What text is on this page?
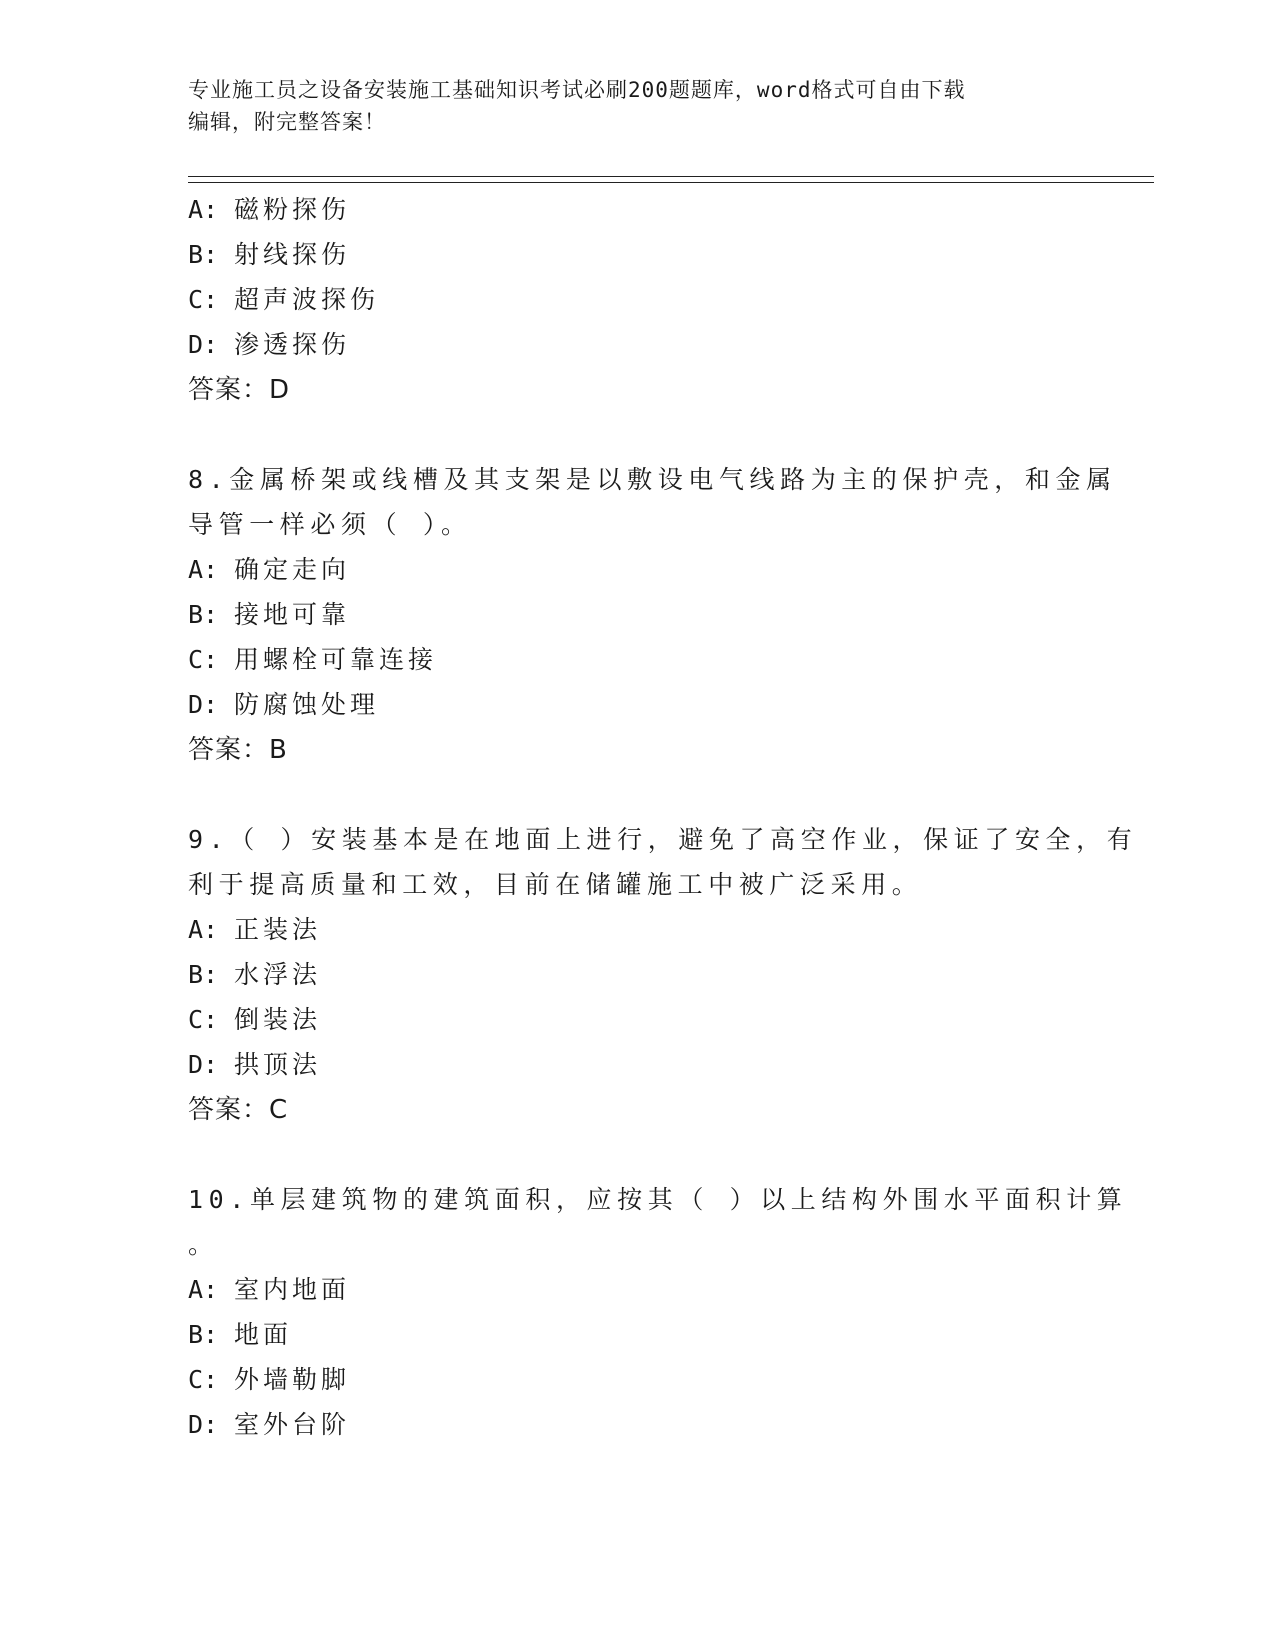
专业施工员之设备安装施工基础知识考试必刷200题题库，word格式可自由下载
编辑，附完整答案！
A: 磁粉探伤
B: 射线探伤
C: 超声波探伤
D: 渗透探伤
答案：D
8.金属桥架或线槽及其支架是以敷设电气线路为主的保护壳，和金属
导管一样必须（ ）。
A: 确定走向
B: 接地可靠
C: 用螺栓可靠连接
D: 防腐蚀处理
答案：B
9.（ ）安装基本是在地面上进行，避免了高空作业，保证了安全，有
利于提高质量和工效，目前在储罐施工中被广泛采用。
A: 正装法
B: 水浮法
C: 倒装法
D: 拱顶法
答案：C
10.单层建筑物的建筑面积，应按其（ ）以上结构外围水平面积计算
。
A: 室内地面
B: 地面
C: 外墙勒脚
D: 室外台阶
